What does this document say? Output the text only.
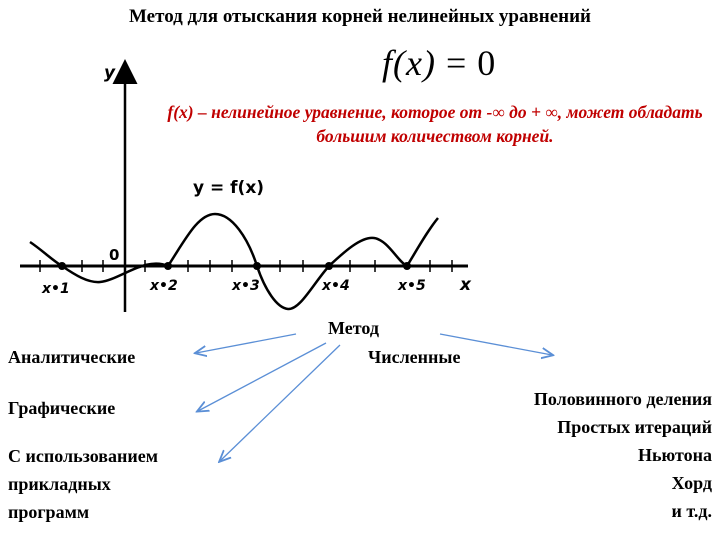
Метод для отыскания корней нелинейных уравнений
f(x) = 0
f(x) – нелинейное уравнение, которое от -∞ до + ∞, может обладать большим количеством корней.
y
x
0
y = f(x)
x•1	x•2	x•3	x•4	x•5
Метод
Аналитические	Численные
Графические
С использованием
прикладных
программ
Половинного деления
Простых итераций
Ньютона
Хорд
и т.д.
